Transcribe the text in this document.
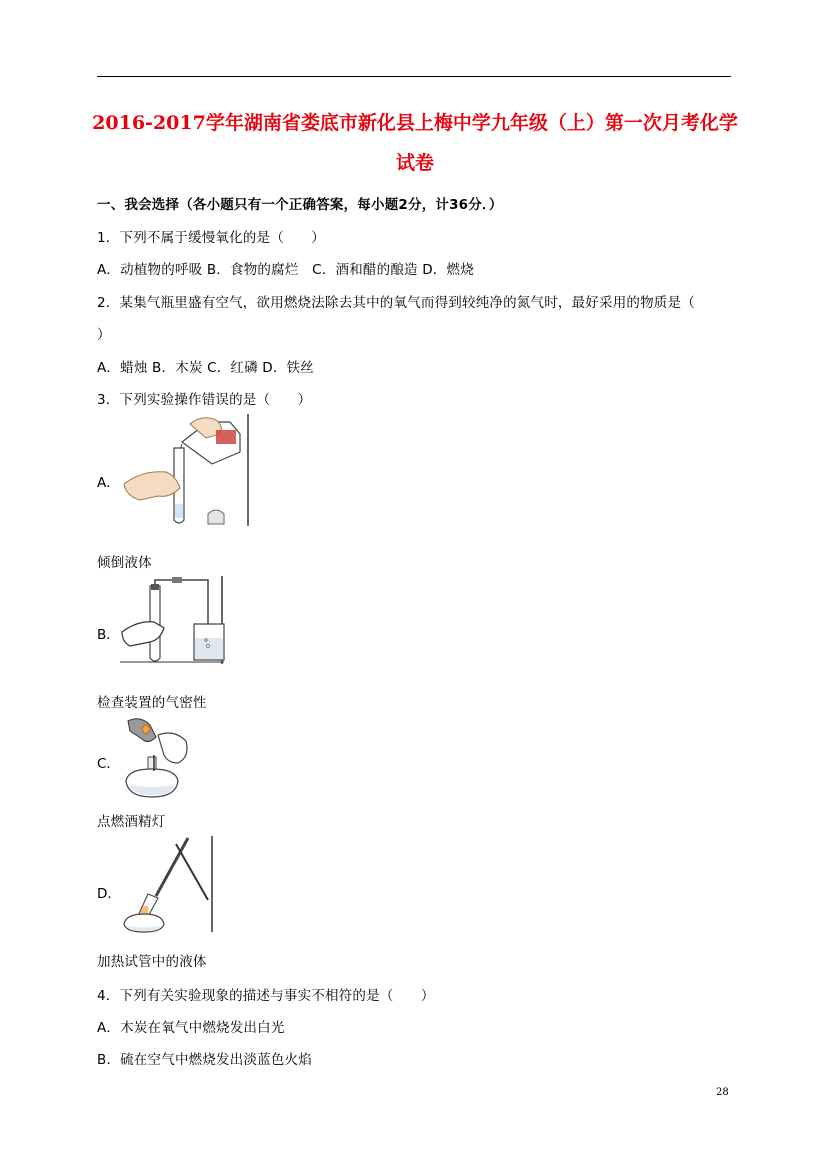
2016-2017学年湖南省娄底市新化县上梅中学九年级（上）第一次月考化学
试卷
一、我会选择（各小题只有一个正确答案，每小题2分，计36分．）
1．下列不属于缓慢氧化的是（　　）
A．动植物的呼吸 B．食物的腐烂　C．酒和醋的酿造 D．燃烧
2．某集气瓶里盛有空气，欲用燃烧法除去其中的氧气而得到较纯净的氮气时，最好采用的物质是（
）
A．蜡烛 B．木炭 C．红磷 D．铁丝
3．下列实验操作错误的是（　　）
A．
倾倒液体
B．
检查装置的气密性
C．
点燃酒精灯
D．
加热试管中的液体
4．下列有关实验现象的描述与事实不相符的是（　　）
A．木炭在氧气中燃烧发出白光
B．硫在空气中燃烧发出淡蓝色火焰
28
